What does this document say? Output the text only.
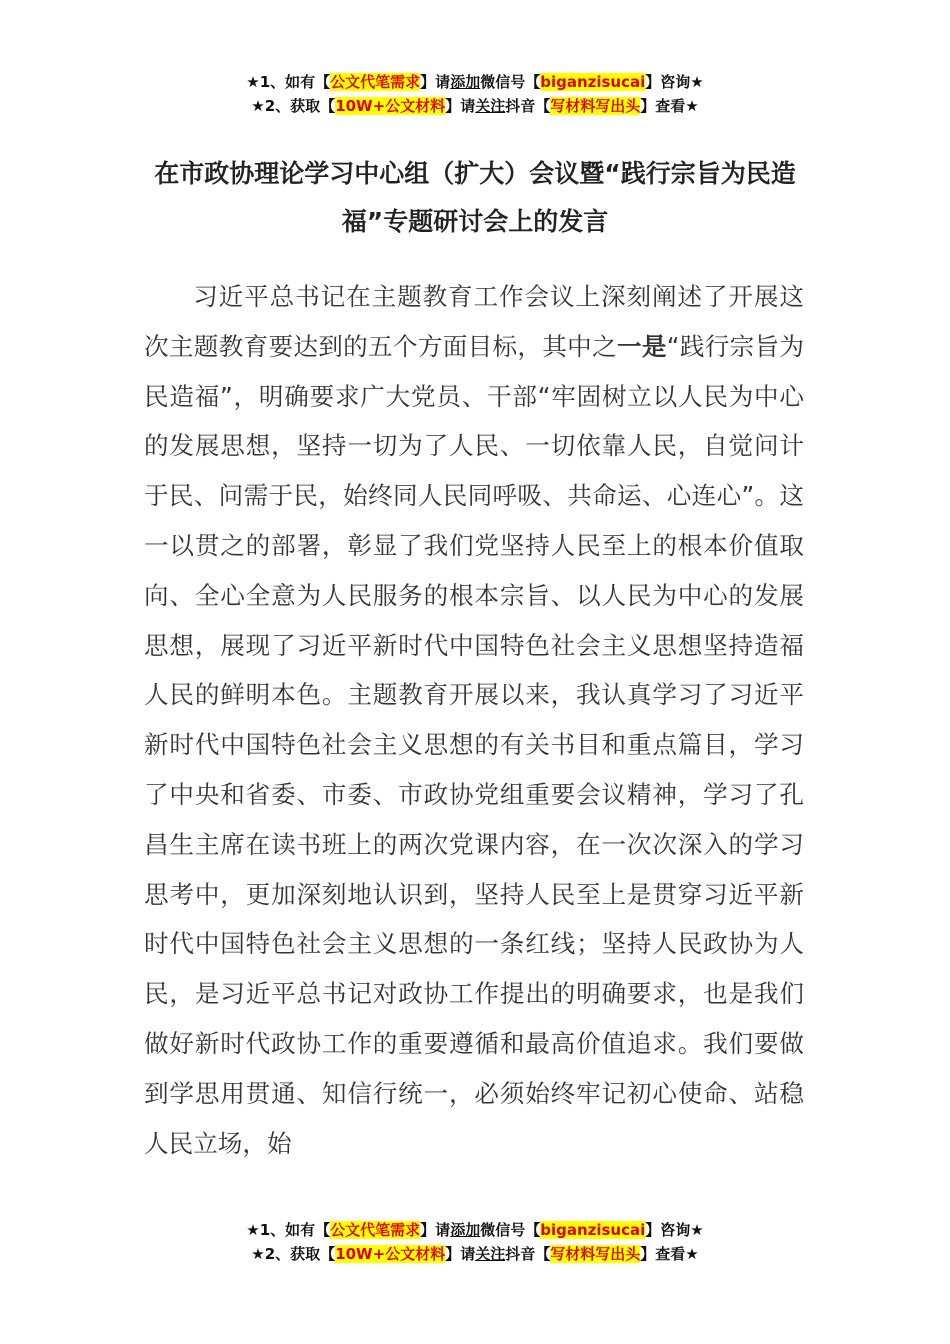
★1、如有【公文代笔需求】请添加微信号【biganzisucai】咨询★
★2、获取【10W+公文材料】请关注抖音【写材料写出头】查看★
在市政协理论学习中心组（扩大）会议暨“践行宗旨为民造福”专题研讨会上的发言
习近平总书记在主题教育工作会议上深刻阐述了开展这次主题教育要达到的五个方面目标，其中之一是“践行宗旨为民造福”，明确要求广大党员、干部“牢固树立以人民为中心的发展思想，坚持一切为了人民、一切依靠人民，自觉问计于民、问需于民，始终同人民同呼吸、共命运、心连心”。这一以贯之的部署，彰显了我们党坚持人民至上的根本价值取向、全心全意为人民服务的根本宗旨、以人民为中心的发展思想，展现了习近平新时代中国特色社会主义思想坚持造福人民的鲜明本色。主题教育开展以来，我认真学习了习近平新时代中国特色社会主义思想的有关书目和重点篇目，学习了中央和省委、市委、市政协党组重要会议精神，学习了孔昌生主席在读书班上的两次党课内容，在一次次深入的学习思考中，更加深刻地认识到，坚持人民至上是贯穿习近平新时代中国特色社会主义思想的一条红线；坚持人民政协为人民，是习近平总书记对政协工作提出的明确要求，也是我们做好新时代政协工作的重要遵循和最高价值追求。我们要做到学思用贯通、知信行统一，必须始终牢记初心使命、站稳人民立场，始
★1、如有【公文代笔需求】请添加微信号【biganzisucai】咨询★
★2、获取【10W+公文材料】请关注抖音【写材料写出头】查看★
